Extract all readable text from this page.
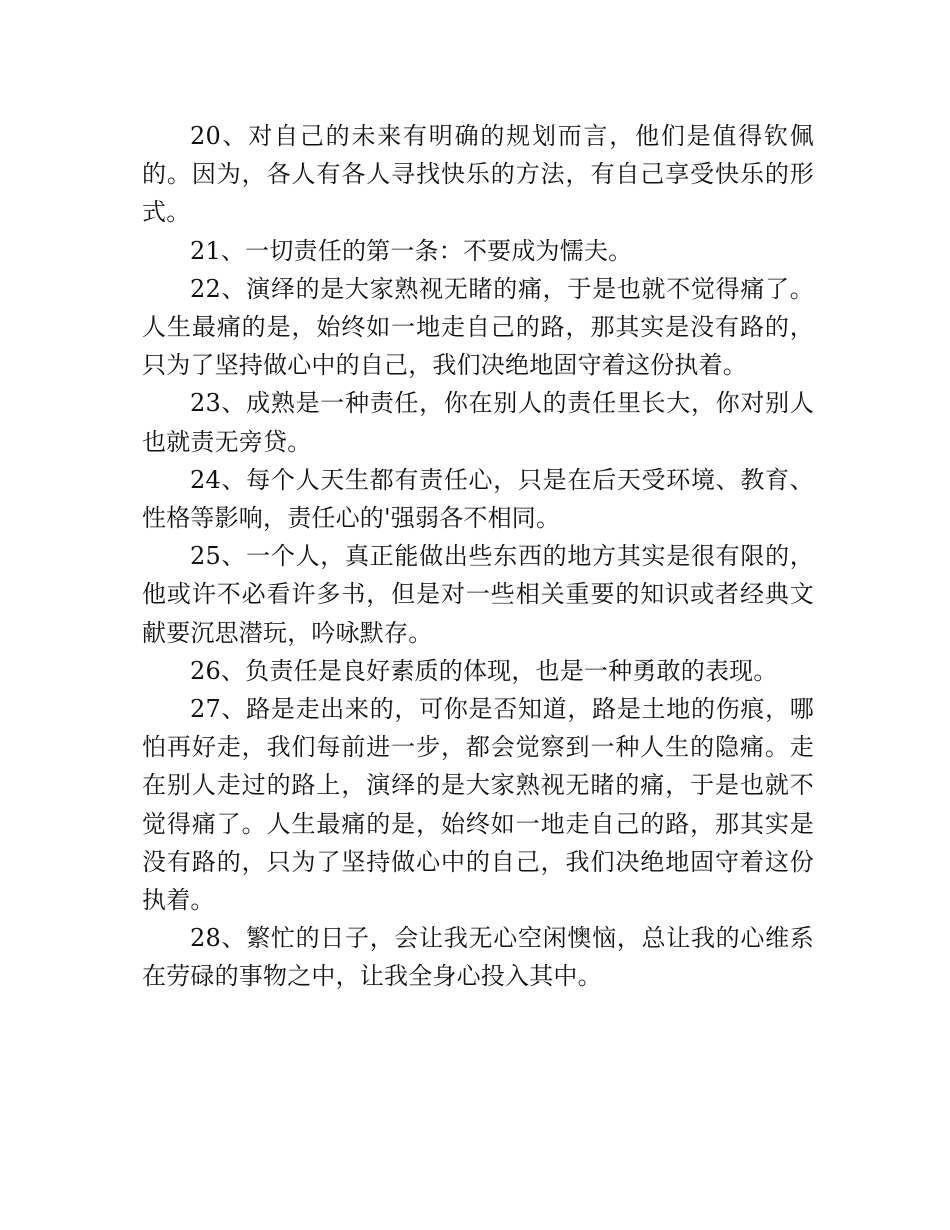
20、对自己的未来有明确的规划而言，他们是值得钦佩的。因为，各人有各人寻找快乐的方法，有自己享受快乐的形式。

21、一切责任的第一条：不要成为懦夫。

22、演绎的是大家熟视无睹的痛，于是也就不觉得痛了。人生最痛的是，始终如一地走自己的路，那其实是没有路的，只为了坚持做心中的自己，我们决绝地固守着这份执着。

23、成熟是一种责任，你在别人的责任里长大，你对别人也就责无旁贷。

24、每个人天生都有责任心，只是在后天受环境、教育、性格等影响，责任心的'强弱各不相同。

25、一个人，真正能做出些东西的地方其实是很有限的，他或许不必看许多书，但是对一些相关重要的知识或者经典文献要沉思潜玩，吟咏默存。

26、负责任是良好素质的体现，也是一种勇敢的表现。

27、路是走出来的，可你是否知道，路是土地的伤痕，哪怕再好走，我们每前进一步，都会觉察到一种人生的隐痛。走在别人走过的路上，演绎的是大家熟视无睹的痛，于是也就不觉得痛了。人生最痛的是，始终如一地走自己的路，那其实是没有路的，只为了坚持做心中的自己，我们决绝地固守着这份执着。

28、繁忙的日子，会让我无心空闲懊恼，总让我的心维系在劳碌的事物之中，让我全身心投入其中。
